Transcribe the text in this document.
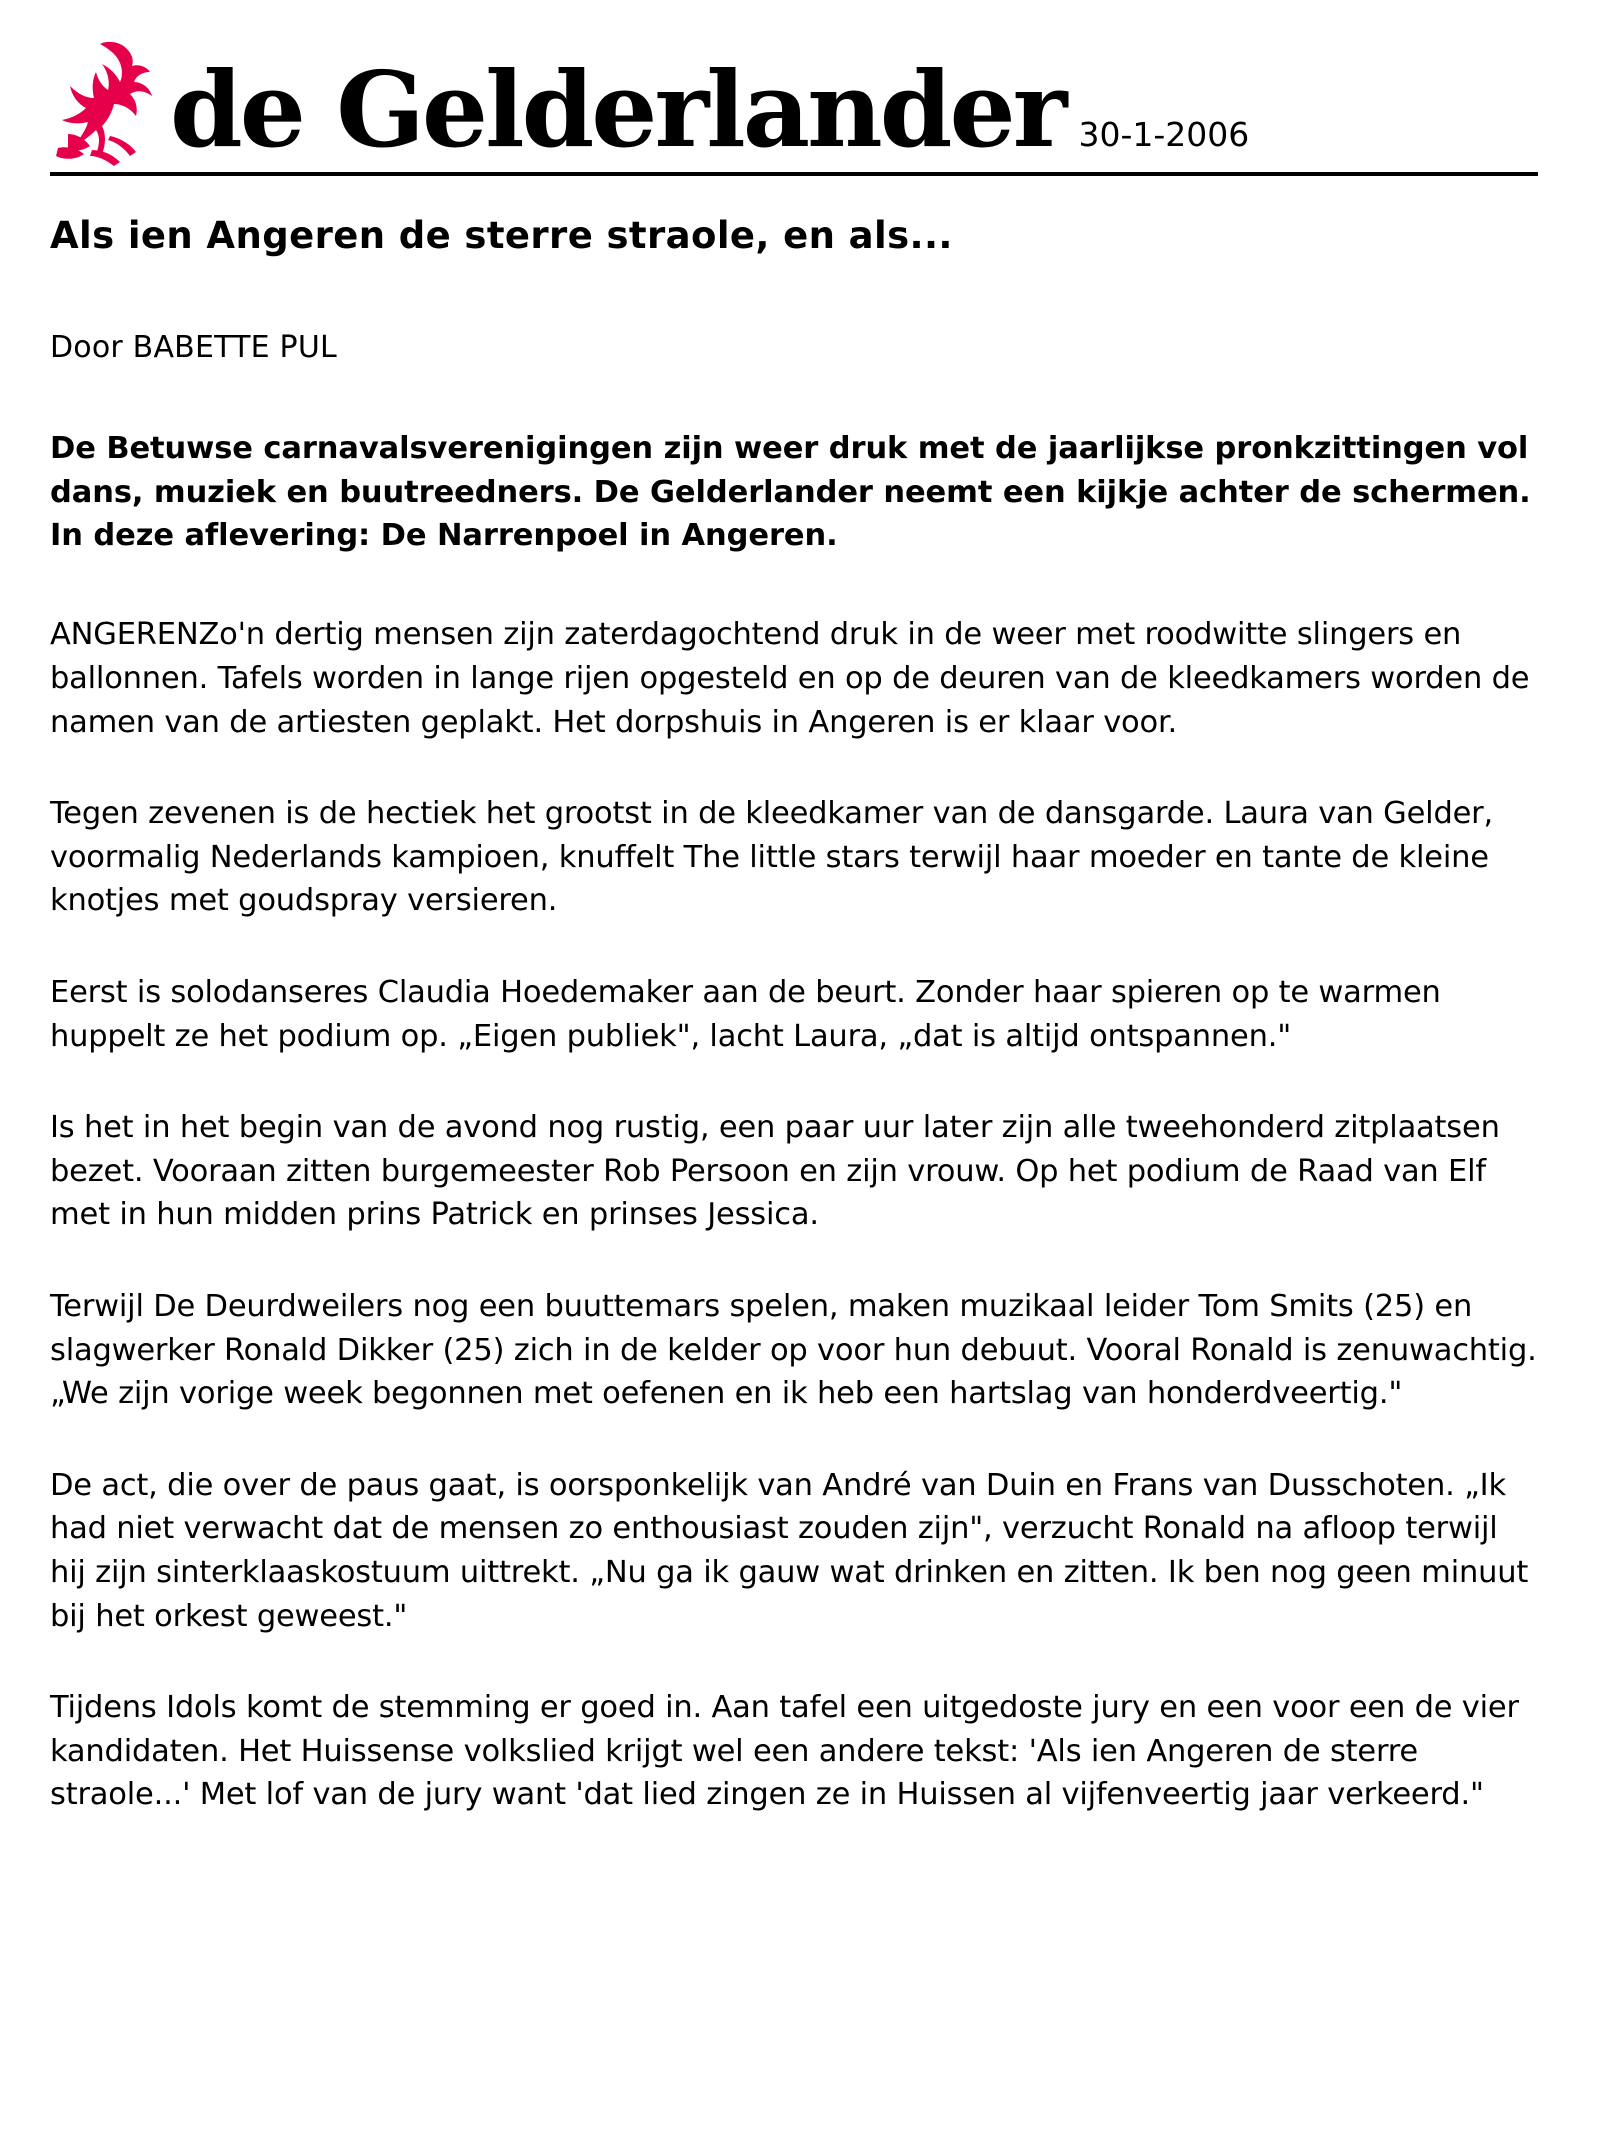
de Gelderlander 30-1-2006
Als ien Angeren de sterre straole, en als...
Door BABETTE PUL
De Betuwse carnavalsverenigingen zijn weer druk met de jaarlijkse pronkzittingen vol dans, muziek en buutreedners. De Gelderlander neemt een kijkje achter de schermen. In deze aflevering: De Narrenpoel in Angeren.

ANGERENZo'n dertig mensen zijn zaterdagochtend druk in de weer met roodwitte slingers en ballonnen. Tafels worden in lange rijen opgesteld en op de deuren van de kleedkamers worden de namen van de artiesten geplakt. Het dorpshuis in Angeren is er klaar voor.

Tegen zevenen is de hectiek het grootst in de kleedkamer van de dansgarde. Laura van Gelder, voormalig Nederlands kampioen, knuffelt The little stars terwijl haar moeder en tante de kleine knotjes met goudspray versieren.

Eerst is solodanseres Claudia Hoedemaker aan de beurt. Zonder haar spieren op te warmen huppelt ze het podium op. „Eigen publiek", lacht Laura, „dat is altijd ontspannen."

Is het in het begin van de avond nog rustig, een paar uur later zijn alle tweehonderd zitplaatsen bezet. Vooraan zitten burgemeester Rob Persoon en zijn vrouw. Op het podium de Raad van Elf met in hun midden prins Patrick en prinses Jessica.

Terwijl De Deurdweilers nog een buuttemars spelen, maken muzikaal leider Tom Smits (25) en slagwerker Ronald Dikker (25) zich in de kelder op voor hun debuut. Vooral Ronald is zenuwachtig. „We zijn vorige week begonnen met oefenen en ik heb een hartslag van honderdveertig."

De act, die over de paus gaat, is oorsponkelijk van André van Duin en Frans van Dusschoten. „Ik had niet verwacht dat de mensen zo enthousiast zouden zijn", verzucht Ronald na afloop terwijl hij zijn sinterklaaskostuum uittrekt. „Nu ga ik gauw wat drinken en zitten. Ik ben nog geen minuut bij het orkest geweest."

Tijdens Idols komt de stemming er goed in. Aan tafel een uitgedoste jury en een voor een de vier kandidaten. Het Huissense volkslied krijgt wel een andere tekst: 'Als ien Angeren de sterre straole...' Met lof van de jury want 'dat lied zingen ze in Huissen al vijfenveertig jaar verkeerd."
